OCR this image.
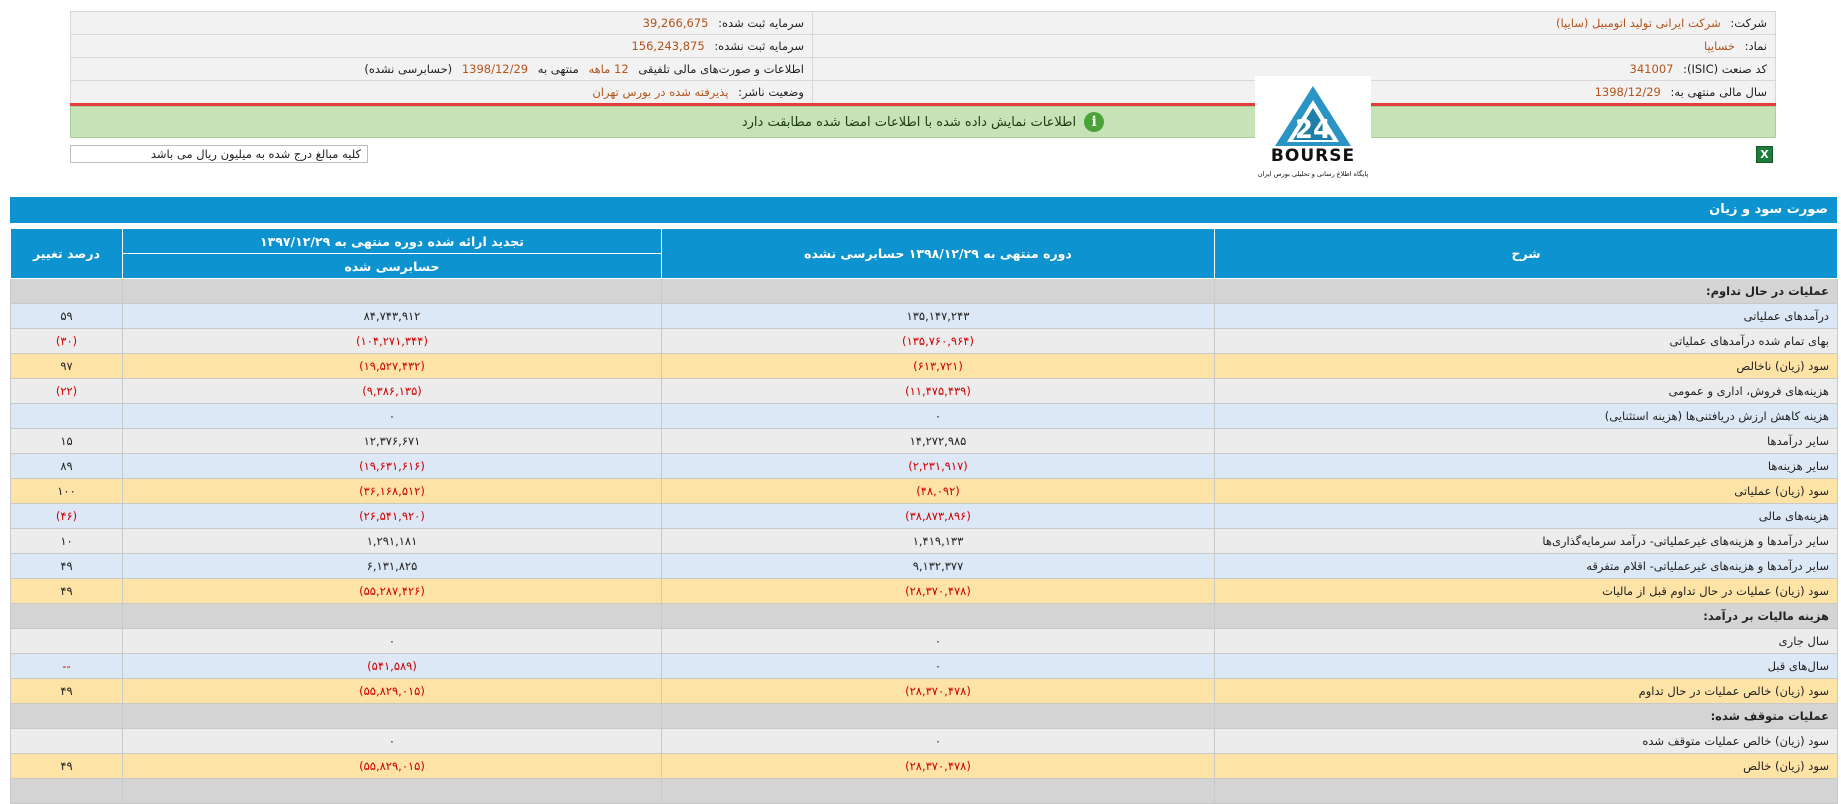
شرکت: شرکت ایرانی تولید اتومبیل (سایپا)	سرمایه ثبت شده: 39,266,675
نماد: خسایپا	سرمایه ثبت نشده: 156,243,875
کد صنعت (ISIC): 341007	اطلاعات و صورت‌های مالی تلفیقی 12 ماهه منتهی به 1398/12/29 (حسابرسی نشده)
سال مالی منتهی به: 1398/12/29	وضعیت ناشر: پذیرفته شده در بورس تهران
i
اطلاعات نمایش داده شده با اطلاعات امضا شده مطابقت دارد	24
BOURSE
پایگاه اطلاع رسانی و تحلیلی بورس ایران
کلیه مبالغ درج شده به میلیون ریال می باشد	X
صورت سود و زیان
شرح	دوره منتهی به ۱۳۹۸/۱۲/۲۹ حسابرسی نشده	تجدید ارائه شده دوره منتهی به ۱۳۹۷/۱۲/۲۹	درصد تغییر
		حسابرسی شده	
عملیات در حال تداوم:			
درآمدهای عملیاتی	۱۳۵,۱۴۷,۲۴۳	۸۴,۷۴۳,۹۱۲	۵۹
بهای تمام شده درآمدهای عملیاتی	(۱۳۵,۷۶۰,۹۶۴)	(۱۰۴,۲۷۱,۳۴۴)	(۳۰)
سود (زیان) ناخالص	(۶۱۳,۷۲۱)	(۱۹,۵۲۷,۴۳۲)	۹۷
هزینه‌های فروش، اداری و عمومی	(۱۱,۴۷۵,۴۳۹)	(۹,۳۸۶,۱۳۵)	(۲۲)
هزینه کاهش ارزش دریافتنی‌ها (هزینه استثنایی)	۰	۰	
سایر درآمدها	۱۴,۲۷۲,۹۸۵	۱۲,۳۷۶,۶۷۱	۱۵
سایر هزینه‌ها	(۲,۲۳۱,۹۱۷)	(۱۹,۶۳۱,۶۱۶)	۸۹
سود (زیان) عملیاتی	(۴۸,۰۹۲)	(۳۶,۱۶۸,۵۱۲)	۱۰۰
هزینه‌های مالی	(۳۸,۸۷۳,۸۹۶)	(۲۶,۵۴۱,۹۲۰)	(۴۶)
سایر درآمدها و هزینه‌های غیرعملیاتی- درآمد سرمایه‌گذاری‌ها	۱,۴۱۹,۱۳۳	۱,۲۹۱,۱۸۱	۱۰
سایر درآمدها و هزینه‌های غیرعملیاتی- اقلام متفرقه	۹,۱۳۲,۳۷۷	۶,۱۳۱,۸۲۵	۴۹
سود (زیان) عملیات در حال تداوم قبل از مالیات	(۲۸,۳۷۰,۴۷۸)	(۵۵,۲۸۷,۴۲۶)	۴۹
هزینه مالیات بر درآمد:			
سال جاری	۰	۰	
سال‌های قبل	۰	(۵۴۱,۵۸۹)	--
سود (زیان) خالص عملیات در حال تداوم	(۲۸,۳۷۰,۴۷۸)	(۵۵,۸۲۹,۰۱۵)	۴۹
عملیات متوقف شده:			
سود (زیان) خالص عملیات متوقف شده	۰	۰	
سود (زیان) خالص	(۲۸,۳۷۰,۴۷۸)	(۵۵,۸۲۹,۰۱۵)	۴۹
